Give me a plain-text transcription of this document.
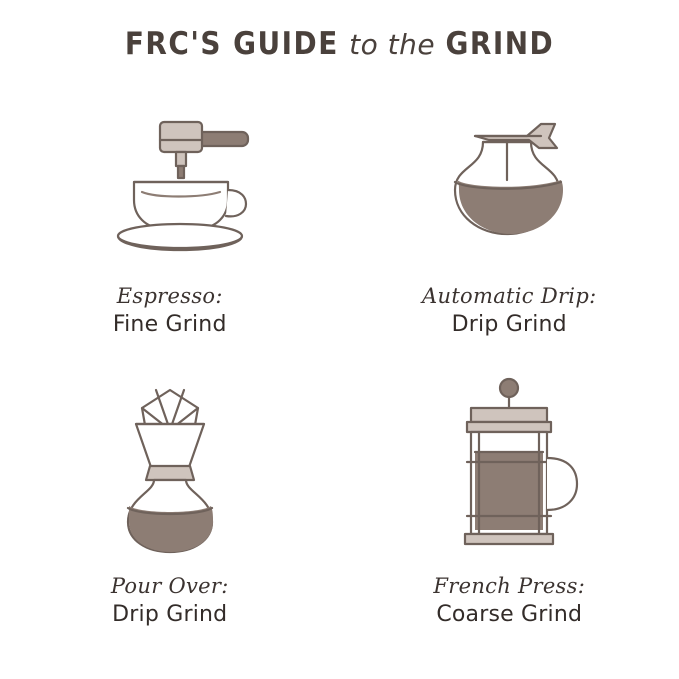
FRC'S GUIDE to the GRIND
Espresso:
Fine Grind
Automatic Drip:
Drip Grind
Pour Over:
Drip Grind
French Press:
Coarse Grind
